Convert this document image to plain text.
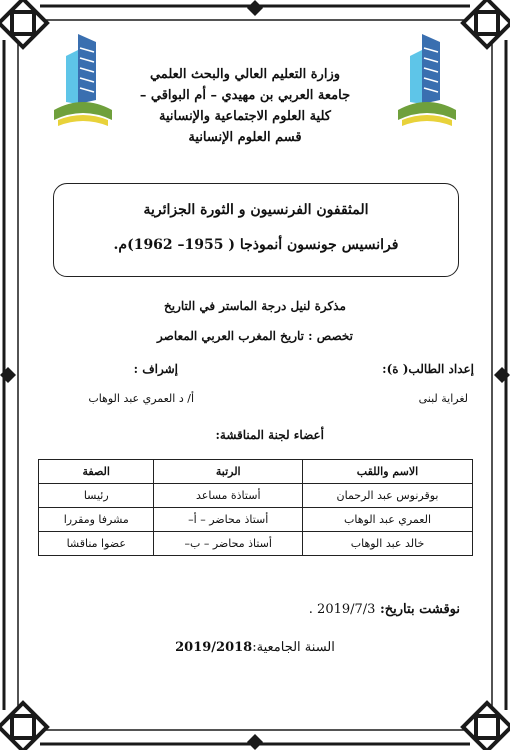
وزارة التعليم العالي والبحث العلمي
جامعة العربي بن مهيدي – أم البواقي –
كلية العلوم الاجتماعية والإنسانية
قسم العلوم الإنسانية
المثقفون الفرنسيون و الثورة الجزائرية
فرانسيس جونسون أنموذجا ( 1955– 1962)م.
مذكرة لنيل درجة الماستر في التاريخ
تخصص : تاريخ المغرب العربي المعاصر
إعداد الطالب( ة):
إشراف :
لغراية لبنى
أ/ د العمري عبد الوهاب
أعضاء لجنة المناقشة:
الاسم واللقب	الرتبة	الصفة
بوقرنوس عبد الرحمان	أستاذة مساعد	رئيسا
العمري عبد الوهاب	أستاذ محاضر – أ–	مشرفا ومقررا
خالد عبد الوهاب	أستاذ محاضر – ب–	عضوا مناقشا
نوقشت بتاريخ: 2019/7/3 .
السنة الجامعية:2019/2018
